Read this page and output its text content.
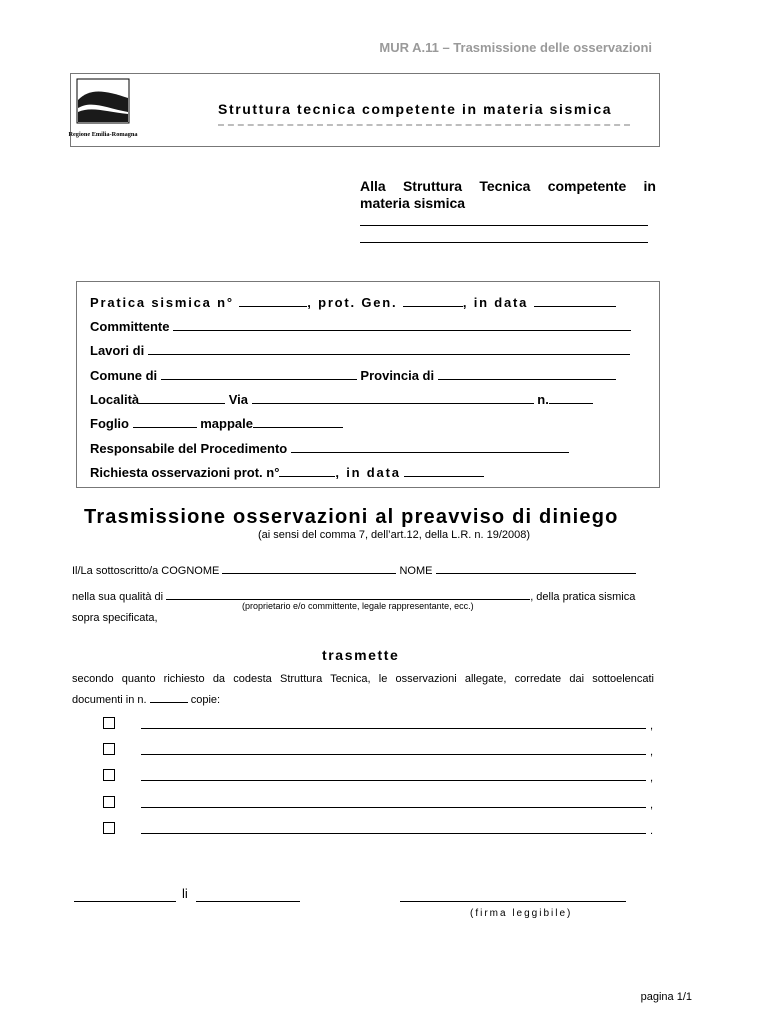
MUR A.11 – Trasmissione delle osservazioni
Regione Emilia-Romagna
Struttura tecnica competente in materia sismica
Alla Struttura Tecnica competente in
materia sismica
Pratica sismica n°	, prot. Gen.	, in data
Committente
Lavori di
Comune di	Provincia di
Località	Via	n.
Foglio	mappale
Responsabile del Procedimento
Richiesta osservazioni prot. n°	, in data
Trasmissione osservazioni al preavviso di diniego
(ai sensi del comma 7, dell’art.12, della L.R. n. 19/2008)
Il/La sottoscritto/a COGNOME	NOME
nella sua qualità di	, della pratica sismica
(proprietario e/o committente, legale rappresentante, ecc.)
sopra specificata,
trasmette
secondo quanto richiesto da codesta Struttura Tecnica, le osservazioni allegate, corredate dai sottoelencati
documenti in n.	copie:
,
,
,
,
.
li
(firma leggibile)
pagina 1/1
